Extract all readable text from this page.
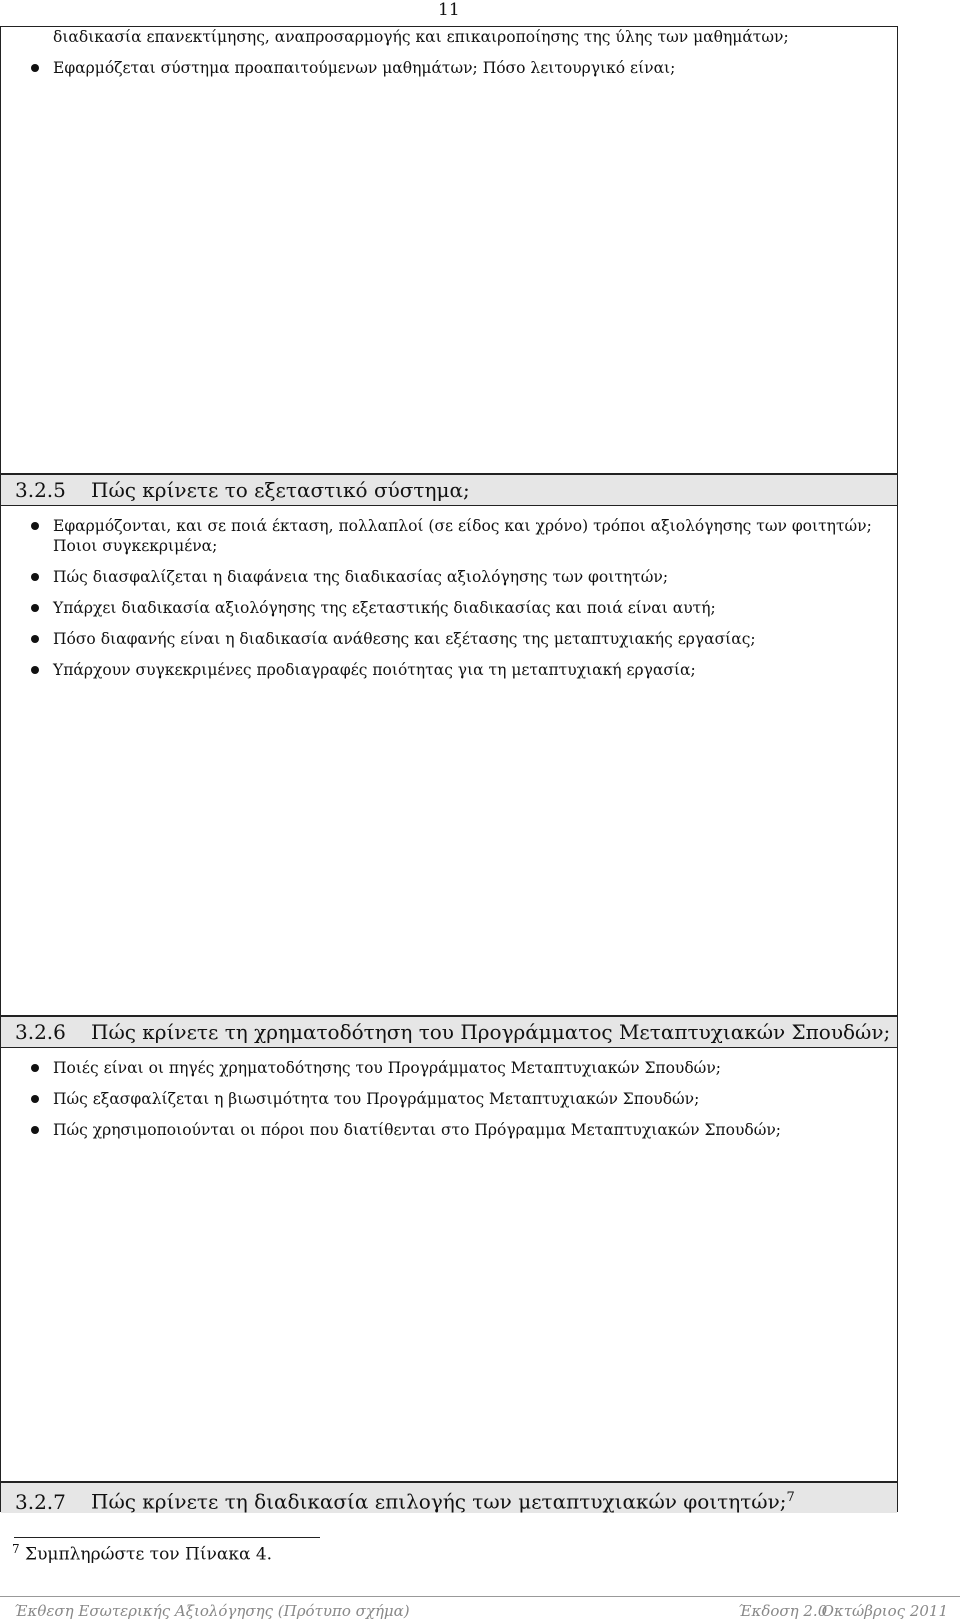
11
διαδικασία επανεκτίμησης, αναπροσαρμογής και επικαιροποίησης της ύλης των μαθημάτων;
Εφαρμόζεται σύστημα προαπαιτούμενων μαθημάτων; Πόσο λειτουργικό είναι;
3.2.5 Πώς κρίνετε το εξεταστικό σύστημα;
Εφαρμόζονται, και σε ποιά έκταση, πολλαπλοί (σε είδος και χρόνο) τρόποι αξιολόγησης των φοιτητών; Ποιοι συγκεκριμένα;
Πώς διασφαλίζεται η διαφάνεια της διαδικασίας αξιολόγησης των φοιτητών;
Υπάρχει διαδικασία αξιολόγησης της εξεταστικής διαδικασίας και ποιά είναι αυτή;
Πόσο διαφανής είναι η διαδικασία ανάθεσης και εξέτασης της μεταπτυχιακής εργασίας;
Υπάρχουν συγκεκριμένες προδιαγραφές ποιότητας για τη μεταπτυχιακή εργασία;
3.2.6 Πώς κρίνετε τη χρηματοδότηση του Προγράμματος Μεταπτυχιακών Σπουδών;
Ποιές είναι οι πηγές χρηματοδότησης του Προγράμματος Μεταπτυχιακών Σπουδών;
Πώς εξασφαλίζεται η βιωσιμότητα του Προγράμματος Μεταπτυχιακών Σπουδών;
Πώς χρησιμοποιούνται οι πόροι που διατίθενται στο Πρόγραμμα Μεταπτυχιακών Σπουδών;
3.2.7 Πώς κρίνετε τη διαδικασία επιλογής των μεταπτυχιακών φοιτητών;$^7$
$^7$ Συμπληρώστε τον Πίνακα 4.
Έκθεση Εσωτερικής Αξιολόγησης (Πρότυπο σχήμα)	Έκδοση 2.0
Οκτώβριος 2011
